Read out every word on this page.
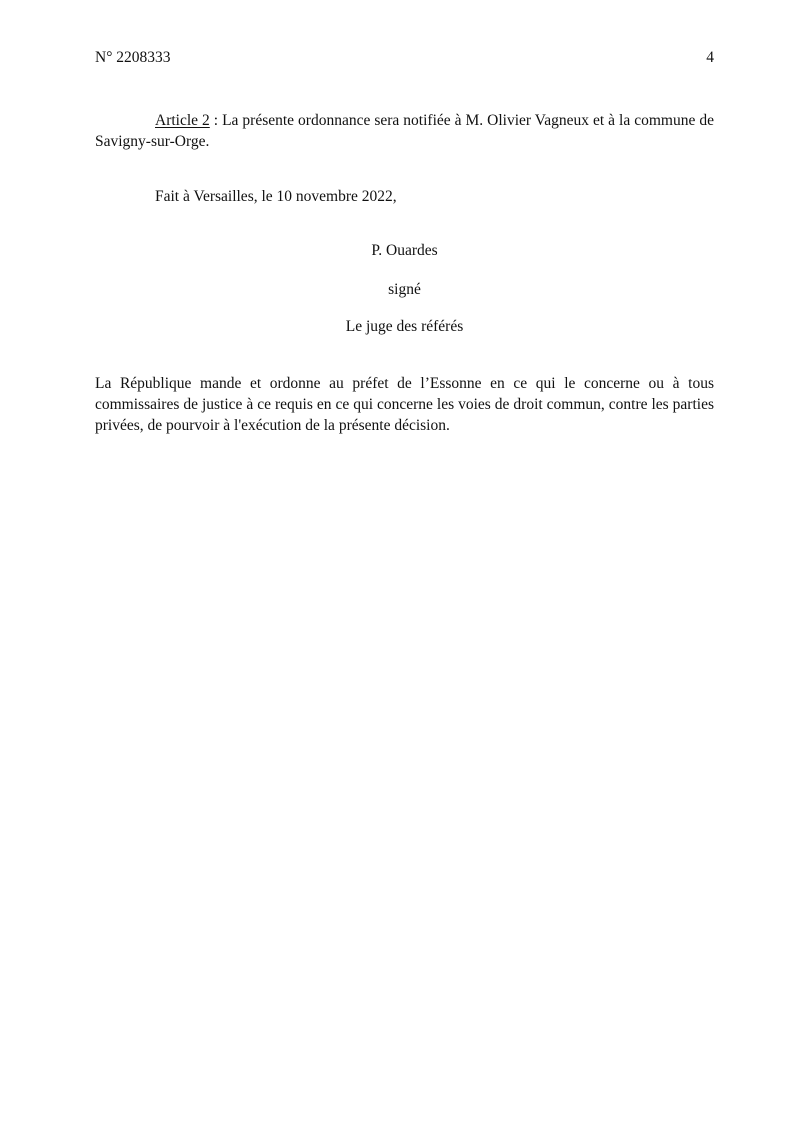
N° 2208333	4
Article 2 : La présente ordonnance sera notifiée à M. Olivier Vagneux et à la commune de Savigny-sur-Orge.
Fait à Versailles, le 10 novembre 2022,
P. Ouardes
signé
Le juge des référés
La République mande et ordonne au préfet de l’Essonne en ce qui le concerne ou à tous commissaires de justice à ce requis en ce qui concerne les voies de droit commun, contre les parties privées, de pourvoir à l'exécution de la présente décision.
